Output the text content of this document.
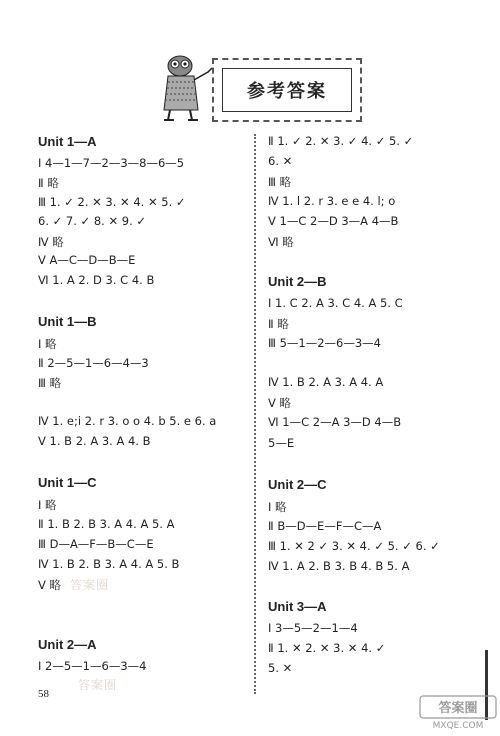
参考答案
Unit 1—A
Ⅰ 4—1—7—2—3—8—6—5
Ⅱ 略
Ⅲ 1. ✓ 2. ✕ 3. ✕ 4. ✕ 5. ✓
6. ✓ 7. ✓ 8. ✕ 9. ✓
Ⅳ 略
Ⅴ A—C—D—B—E
Ⅵ 1. A 2. D 3. C 4. B
Unit 1—B
Ⅰ 略
Ⅱ 2—5—1—6—4—3
Ⅲ 略
Ⅳ 1. e;i 2. r 3. o o 4. b 5. e 6. a
Ⅴ 1. B 2. A 3. A 4. B
Unit 1—C
Ⅰ 略
Ⅱ 1. B 2. B 3. A 4. A 5. A
Ⅲ D—A—F—B—C—E
Ⅳ 1. B 2. B 3. A 4. A 5. B
Ⅴ 略
Unit 2—A
Ⅰ 2—5—1—6—3—4
Ⅱ 1. ✓ 2. ✕ 3. ✓ 4. ✓ 5. ✓
6. ✕
Ⅲ 略
Ⅳ 1. l 2. r 3. e e 4. l; o
Ⅴ 1—C 2—D 3—A 4—B
Ⅵ 略
Unit 2—B
Ⅰ 1. C 2. A 3. C 4. A 5. C
Ⅱ 略
Ⅲ 5—1—2—6—3—4
Ⅳ 1. B 2. A 3. A 4. A
Ⅴ 略
Ⅵ 1—C 2—A 3—D 4—B
5—E
Unit 2—C
Ⅰ 略
Ⅱ B—D—E—F—C—A
Ⅲ 1. ✕ 2 ✓ 3. ✕ 4. ✓ 5. ✓ 6. ✓
Ⅳ 1. A 2. B 3. B 4. B 5. A
Unit 3—A
Ⅰ 3—5—2—1—4
Ⅱ 1. ✕ 2. ✕ 3. ✕ 4. ✓
5. ✕
58
答案圈
答案圈
答案圈
MXQE.COM
